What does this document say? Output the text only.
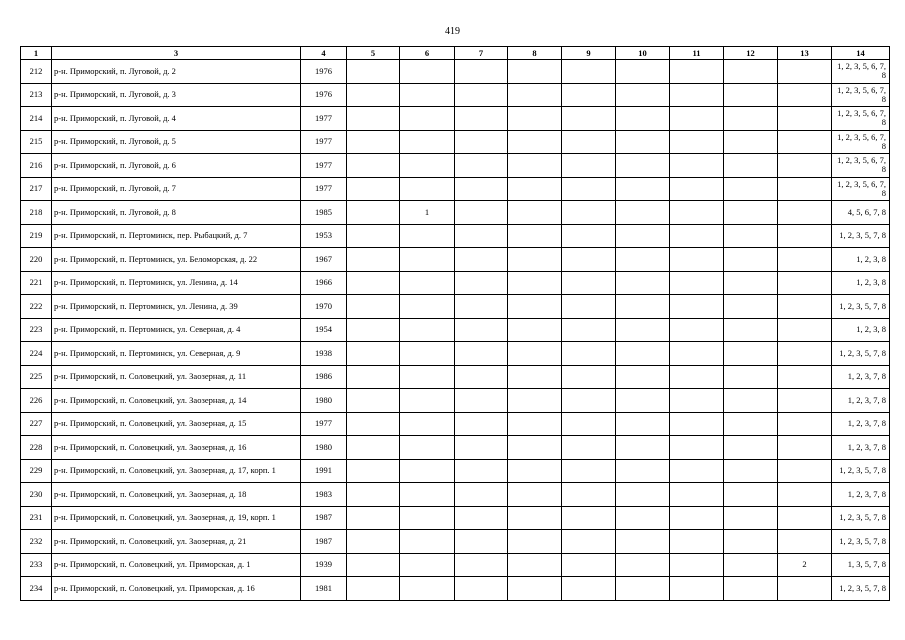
419
1	3	4	5	6	7	8	9	10	11	12	13	14
212	р-н. Приморский, п. Луговой, д. 2	1976										1, 2, 3, 5, 6, 7, 8
213	р-н. Приморский, п. Луговой, д. 3	1976										1, 2, 3, 5, 6, 7, 8
214	р-н. Приморский, п. Луговой, д. 4	1977										1, 2, 3, 5, 6, 7, 8
215	р-н. Приморский, п. Луговой, д. 5	1977										1, 2, 3, 5, 6, 7, 8
216	р-н. Приморский, п. Луговой, д. 6	1977										1, 2, 3, 5, 6, 7, 8
217	р-н. Приморский, п. Луговой, д. 7	1977										1, 2, 3, 5, 6, 7, 8
218	р-н. Приморский, п. Луговой, д. 8	1985		1								4, 5, 6, 7, 8
219	р-н. Приморский, п. Пертоминск, пер. Рыбацкий, д. 7	1953										1, 2, 3, 5, 7, 8
220	р-н. Приморский, п. Пертоминск, ул. Беломорская, д. 22	1967										1, 2, 3, 8
221	р-н. Приморский, п. Пертоминск, ул. Ленина, д. 14	1966										1, 2, 3, 8
222	р-н. Приморский, п. Пертоминск, ул. Ленина, д. 39	1970										1, 2, 3, 5, 7, 8
223	р-н. Приморский, п. Пертоминск, ул. Северная, д. 4	1954										1, 2, 3, 8
224	р-н. Приморский, п. Пертоминск, ул. Северная, д. 9	1938										1, 2, 3, 5, 7, 8
225	р-н. Приморский, п. Соловецкий, ул. Заозерная, д. 11	1986										1, 2, 3, 7, 8
226	р-н. Приморский, п. Соловецкий, ул. Заозерная, д. 14	1980										1, 2, 3, 7, 8
227	р-н. Приморский, п. Соловецкий, ул. Заозерная, д. 15	1977										1, 2, 3, 7, 8
228	р-н. Приморский, п. Соловецкий, ул. Заозерная, д. 16	1980										1, 2, 3, 7, 8
229	р-н. Приморский, п. Соловецкий, ул. Заозерная, д. 17, корп. 1	1991										1, 2, 3, 5, 7, 8
230	р-н. Приморский, п. Соловецкий, ул. Заозерная, д. 18	1983										1, 2, 3, 7, 8
231	р-н. Приморский, п. Соловецкий, ул. Заозерная, д. 19, корп. 1	1987										1, 2, 3, 5, 7, 8
232	р-н. Приморский, п. Соловецкий, ул. Заозерная, д. 21	1987										1, 2, 3, 5, 7, 8
233	р-н. Приморский, п. Соловецкий, ул. Приморская, д. 1	1939									2	1, 3, 5, 7, 8
234	р-н. Приморский, п. Соловецкий, ул. Приморская, д. 16	1981										1, 2, 3, 5, 7, 8
